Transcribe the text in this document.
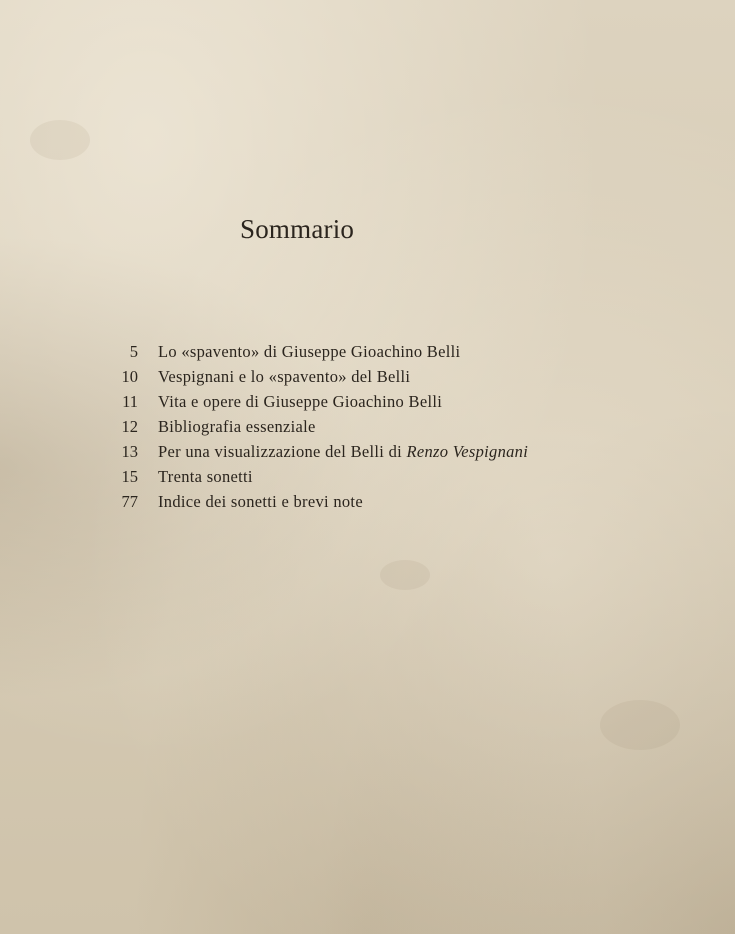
Sommario
5 Lo «spavento» di Giuseppe Gioachino Belli
10 Vespignani e lo «spavento» del Belli
11 Vita e opere di Giuseppe Gioachino Belli
12 Bibliografia essenziale
13 Per una visualizzazione del Belli di Renzo Vespignani
15 Trenta sonetti
77 Indice dei sonetti e brevi note
